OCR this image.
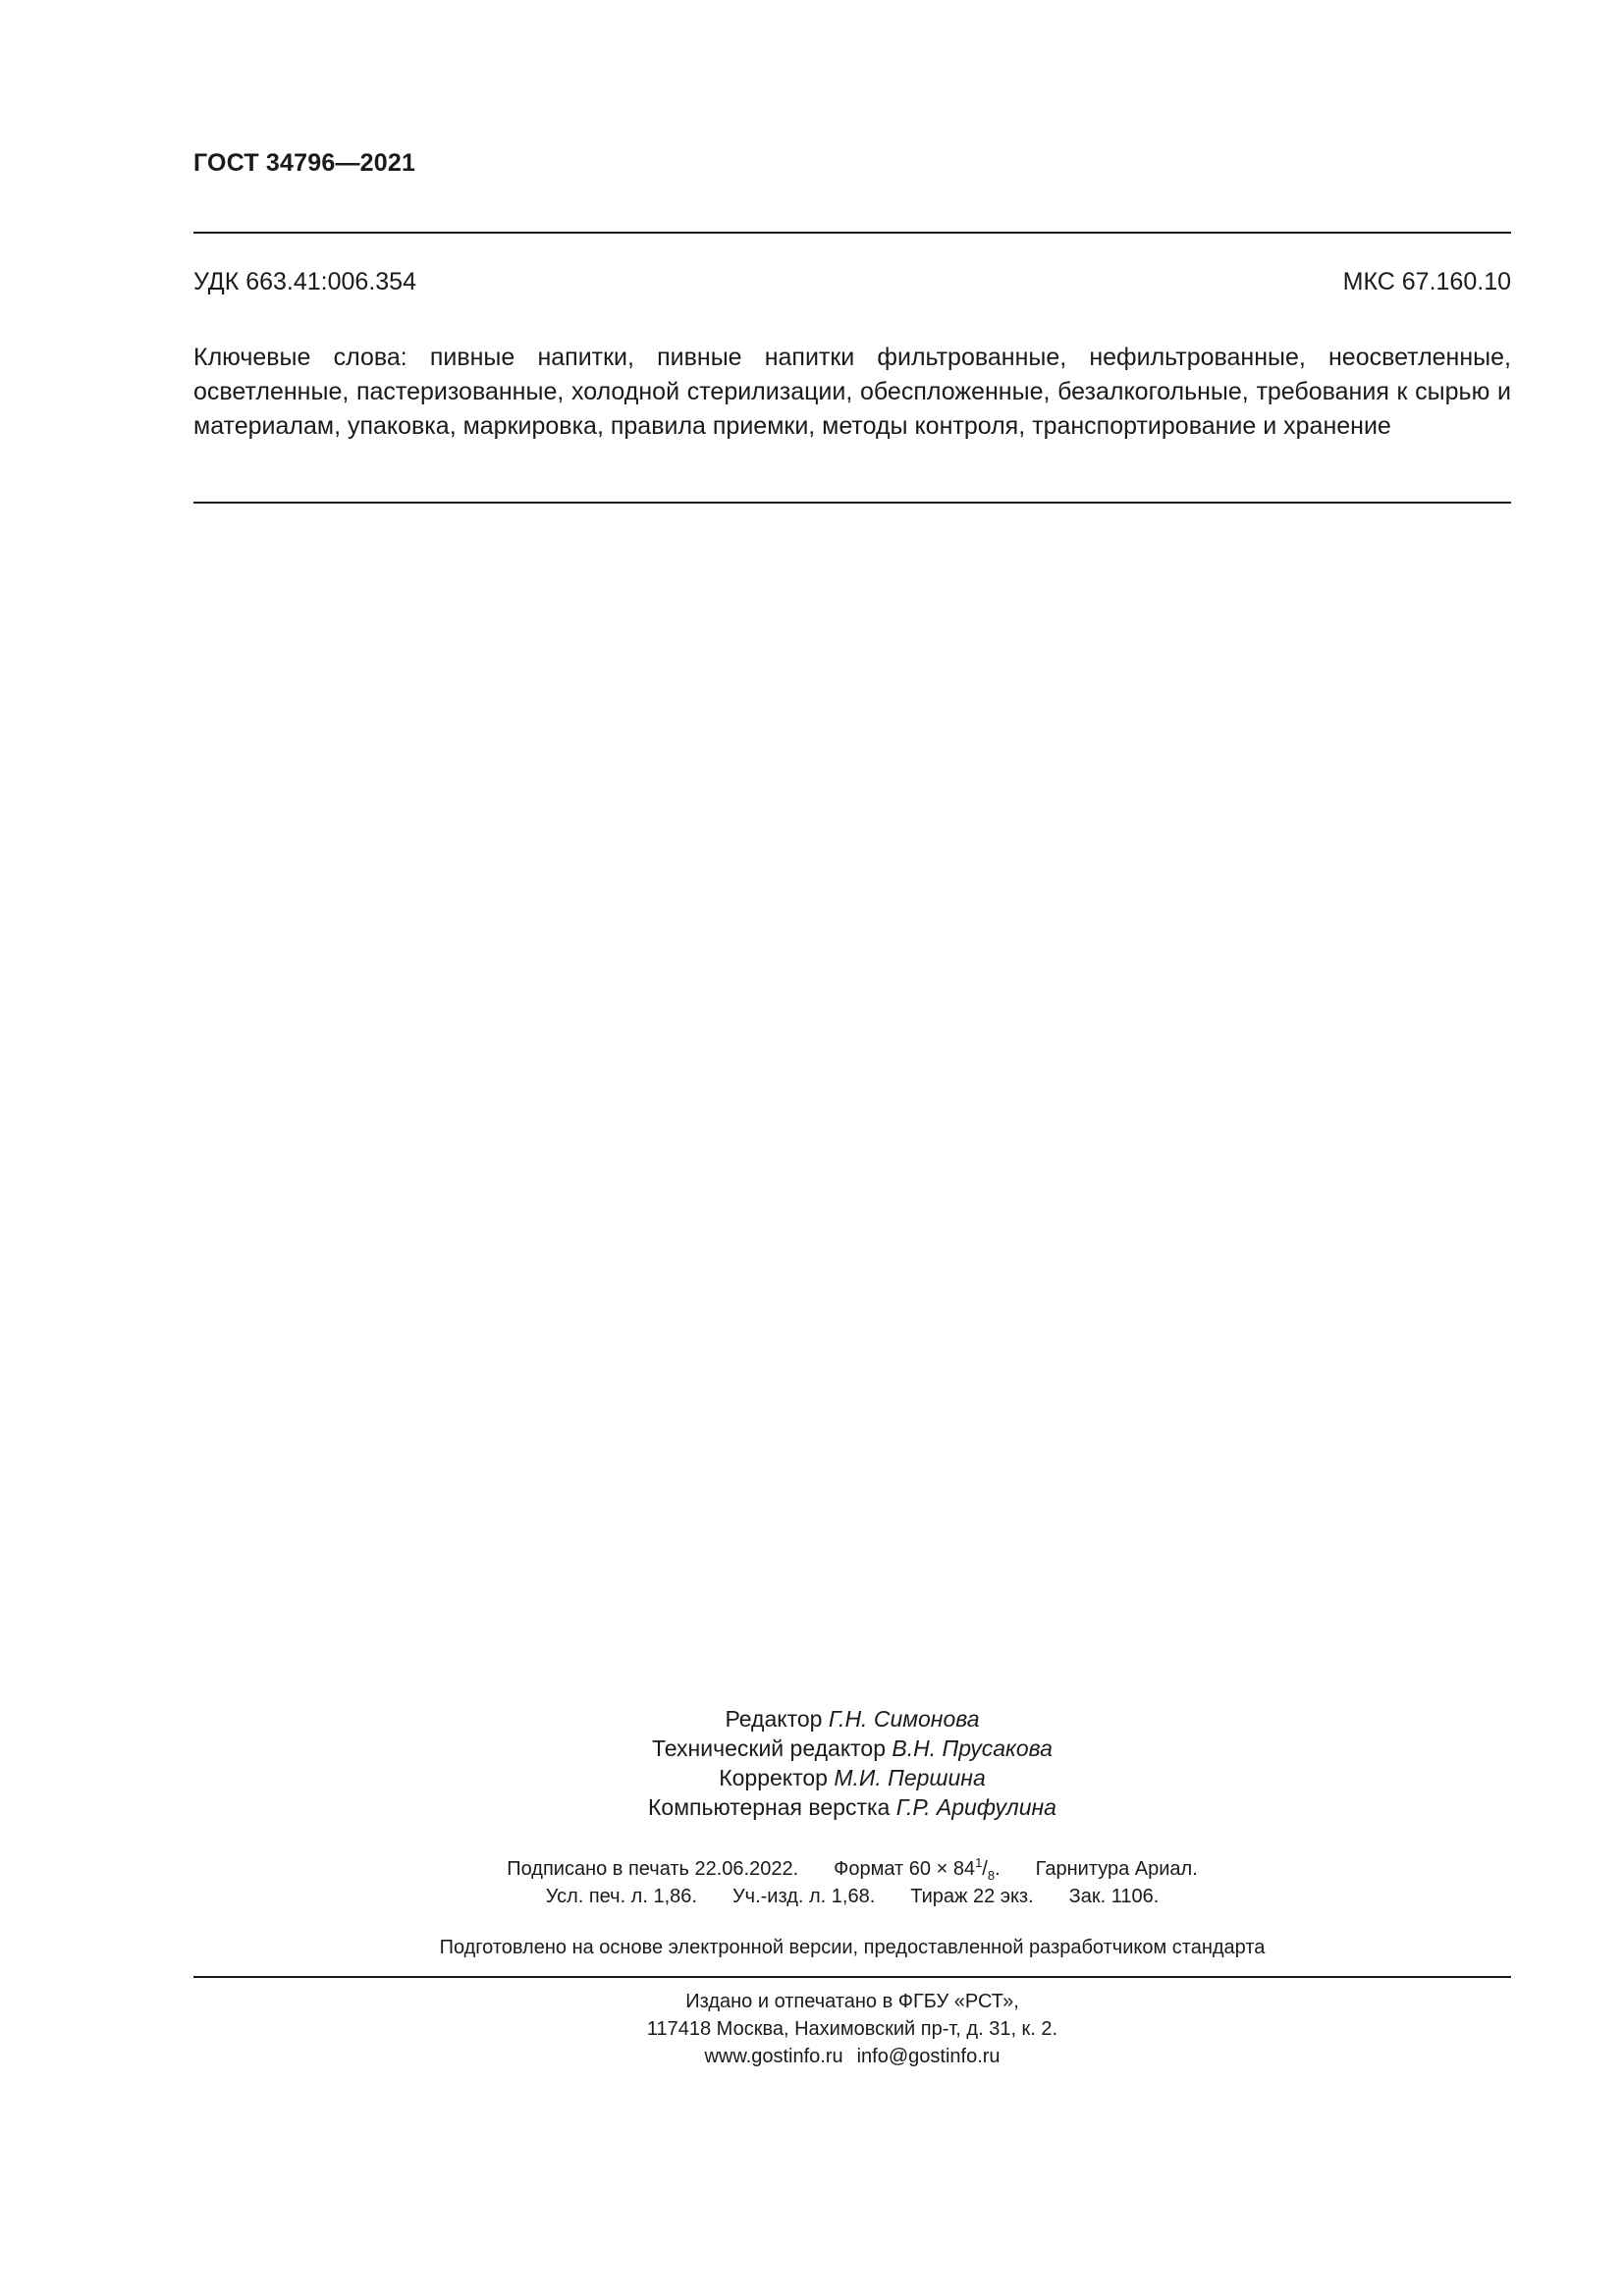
ГОСТ 34796—2021
УДК 663.41:006.354	МКС 67.160.10
Ключевые слова: пивные напитки, пивные напитки фильтрованные, нефильтрованные, неосветленные, осветленные, пастеризованные, холодной стерилизации, обеспложенные, безалкогольные, требования к сырью и материалам, упаковка, маркировка, правила приемки, методы контроля, транспортирование и хранение
Редактор Г.Н. Симонова
Технический редактор В.Н. Прусакова
Корректор М.И. Першина
Компьютерная верстка Г.Р. Арифулина
Подписано в печать 22.06.2022. Формат $60 \times 84^1/_8$. Гарнитура Ариал.
Усл. печ. л. 1,86. Уч.-изд. л. 1,68. Тираж 22 экз. Зак. 1106.
Подготовлено на основе электронной версии, предоставленной разработчиком стандарта
Издано и отпечатано в ФГБУ «РСТ»,
117418 Москва, Нахимовский пр-т, д. 31, к. 2.
www.gostinfo.ru info@gostinfo.ru
